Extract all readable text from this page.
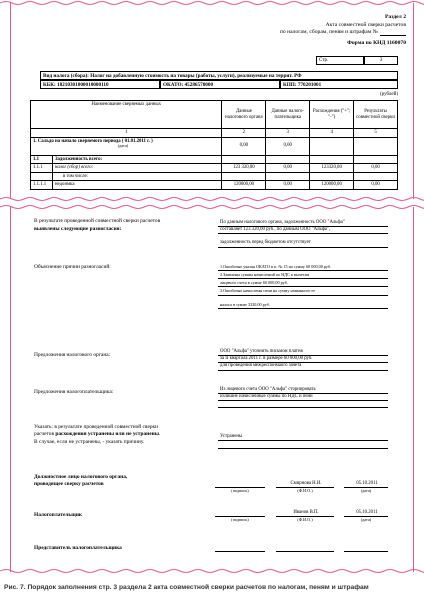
Раздел 2
Акта совместной сверки расчетов
по налогам, сборам, пеням и штрафам №
Форма по КНД 1160070
Стр.	3
Вид налога (сбора): Налог на добавленную стоимость на товары (работы, услуги), реализуемые на террит. РФ
КБК: 18210301000010000110	ОКАТО: 45286570000	КПП: 770201001
(рублей)
Наименование сверяемых данных		Данные налогового органа	Данные налого-плательщика	Расхождения ("+"; "-")	Результаты совместной сверки
1		2	3	4	5

1. Сальдо на начало сверяемого периода ( 01.01.2011 г. )
(дата)		0,00	0,00		
1.1	Задолженность всего:				
1.1.1	налог (сбор) всего:	123 320,00	0,00	123320,00	0,00
	в том числе:				
1.1.1.1	недоимка	120000,00	0,00	120000,00	0,00
В результате проведенной совместной сверки расчетов
выявлены следующие разногласия:
По данным налогового органа, задолженность ООО "Альфа"
составляет 123 320,00 руб., по данным ООО "Альфа",
задолженность перед бюджетом отсутствует
Объяснение причин разногласий:	1.Ошибочно указан ОКАТО в п. № 15 на сумму 60 000,00 руб.
2.Заявлены суммы начислений по НДС к вычетам
лицевого счета в сумме 60 000,00 руб.
3.Ошибочно начислены пени на сумму названного ее
налога в сумме 3320,00 руб.
Предложения налогового органа:
ООО "Альфа" уточнить письмом платеж
за II квартала 2011 г. в размере 60 000,00 руб.
для проведения межреспонмаого зачета
Предложения налогоплательщика:	Из лицевого счета ООО "Альфа" сторнировать
излишне начисленные суммы по НДС и пени
Указать: в результате проведенной совместной сверки
расчетов расхождения устранены или не устранены.
В случае, если не устранены, - указать причину.
Устранены
Должностное лицо налогового органа,
проводящее сверку расчетов
(подпись)
Смирнова Н.И.
(Ф.И.О.)
05.10.2011
(дата)
Налогоплательщик
(подпись)
Иванов В.П.
(Ф.И.О.)
05.10.2011
(дата)
Представитель налогоплательщика
Рис. 7. Порядок заполнения стр. 3 раздела 2 акта совместной сверки расчетов по налогам, пеням и штрафам
